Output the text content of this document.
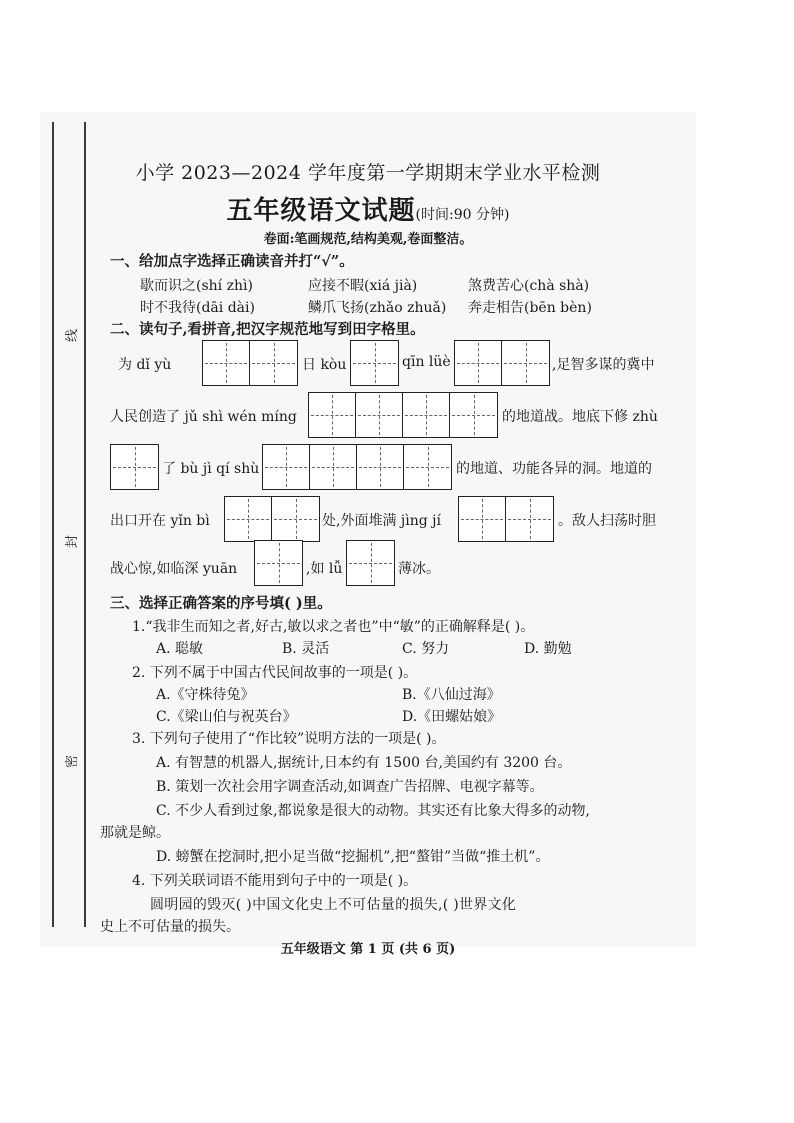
线
封
密
小学 2023—2024 学年度第一学期期末学业水平检测
五年级语文试题(时间:90 分钟)
卷面:笔画规范,结构美观,卷面整洁。
一、给加点字选择正确读音并打“√”。
歇而识之(shí zhì)	应接不暇(xiá jià)	煞费苦心(chà shà)
时不我待(dāi dài)	鳞爪飞扬(zhǎo zhuǎ) 奔走相告(bēn bèn)
二、读句子,看拼音,把汉字规范地写到田字格里。
为 dǐ yù	日 kòu	qīn lüè	,足智多谋的冀中
人民创造了 jǔ shì wén míng	的地道战。地底下修 zhù
了 bù jì qí shù	的地道、功能各异的洞。地道的
出口开在 yǐn bì	处,外面堆满 jìng jí	。敌人扫荡时胆
战心惊,如临深 yuān	,如 lǚ	薄冰。
三、选择正确答案的序号填( )里。
1.“我非生而知之者,好古,敏以求之者也”中“敏”的正确解释是( )。
A. 聪敏	B. 灵活	C. 努力	D. 勤勉
2. 下列不属于中国古代民间故事的一项是( )。
A.《守株待兔》	B.《八仙过海》
C.《梁山伯与祝英台》	D.《田螺姑娘》
3. 下列句子使用了“作比较”说明方法的一项是( )。
A. 有智慧的机器人,据统计,日本约有 1500 台,美国约有 3200 台。
B. 策划一次社会用字调查活动,如调查广告招牌、电视字幕等。
C. 不少人看到过象,都说象是很大的动物。其实还有比象大得多的动物,
那就是鲸。
D. 螃蟹在挖洞时,把小足当做“挖掘机”,把“螯钳”当做“推土机”。
4. 下列关联词语不能用到句子中的一项是( )。
圆明园的毁灭( )中国文化史上不可估量的损失,( )世界文化
史上不可估量的损失。
五年级语文 第 1 页 (共 6 页)
